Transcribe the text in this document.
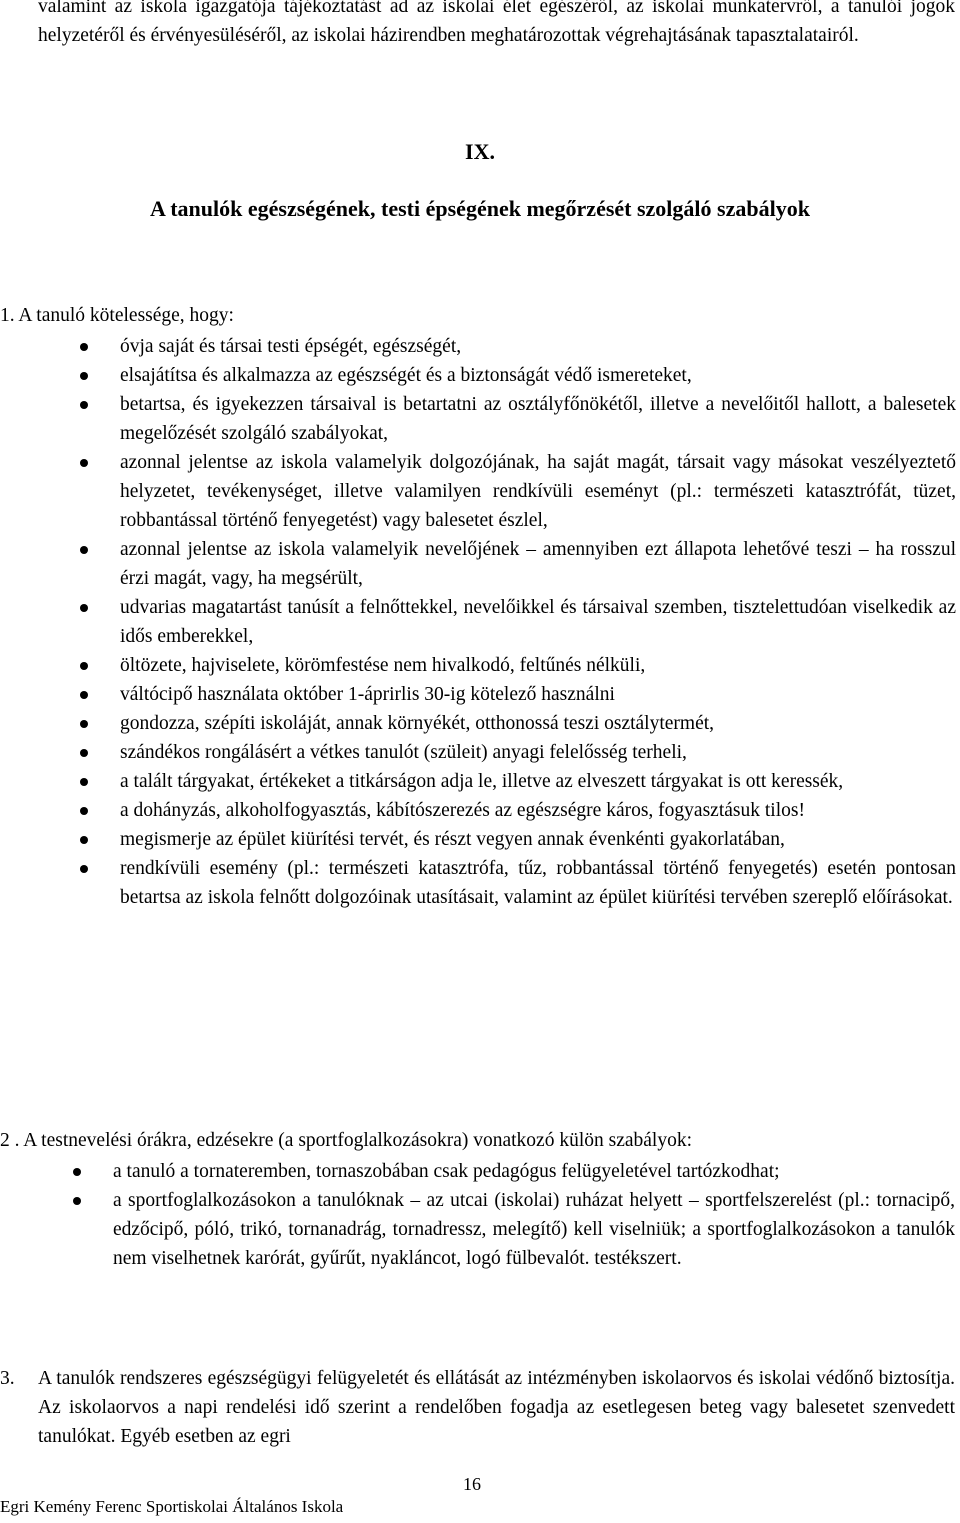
valamint az iskola igazgatója tájékoztatást ad az iskolai élet egészéről, az iskolai munkatervről, a tanulói jogok helyzetéről és érvényesüléséről, az iskolai házirendben meghatározottak végrehajtásának tapasztalatairól.
IX.
A tanulók egészségének, testi épségének megőrzését szolgáló szabályok
1. A tanuló kötelessége, hogy:
óvja saját és társai testi épségét, egészségét,
elsajátítsa és alkalmazza az egészségét és a biztonságát védő ismereteket,
betartsa, és igyekezzen társaival is betartatni az osztályfőnökétől, illetve a nevelőitől hallott, a balesetek megelőzését szolgáló szabályokat,
azonnal jelentse az iskola valamelyik dolgozójának, ha saját magát, társait vagy másokat veszélyeztető helyzetet, tevékenységet, illetve valamilyen rendkívüli eseményt (pl.: természeti katasztrófát, tüzet, robbantással történő fenyegetést) vagy balesetet észlel,
azonnal jelentse az iskola valamelyik nevelőjének – amennyiben ezt állapota lehetővé teszi – ha rosszul érzi magát, vagy, ha megsérült,
udvarias magatartást tanúsít a felnőttekkel, nevelőikkel és társaival szemben, tisztelettudóan viselkedik az idős emberekkel,
öltözete, hajviselete, körömfestése nem hivalkodó, feltűnés nélküli,
váltócipő használata október 1-áprirlis 30-ig kötelező használni
gondozza, szépíti iskoláját, annak környékét, otthonossá teszi osztálytermét,
szándékos rongálásért a vétkes tanulót (szüleit) anyagi felelősség terheli,
a talált tárgyakat, értékeket a titkárságon adja le, illetve az elveszett tárgyakat is ott keressék,
a dohányzás, alkoholfogyasztás, kábítószerezés az egészségre káros, fogyasztásuk tilos!
megismerje az épület kiürítési tervét, és részt vegyen annak évenkénti gyakorlatában,
rendkívüli esemény (pl.: természeti katasztrófa, tűz, robbantással történő fenyegetés) esetén pontosan betartsa az iskola felnőtt dolgozóinak utasításait, valamint az épület kiürítési tervében szereplő előírásokat.
2 . A testnevelési órákra, edzésekre (a sportfoglalkozásokra) vonatkozó külön szabályok:
a tanuló a tornateremben, tornaszobában csak pedagógus felügyeletével tartózkodhat;
a sportfoglalkozásokon a tanulóknak – az utcai (iskolai) ruházat helyett – sportfelszerelést (pl.: tornacipő, edzőcipő, póló, trikó, tornanadrág, tornadressz, melegítő) kell viselniük; a sportfoglalkozásokon a tanulók nem viselhetnek karórát, gyűrűt, nyakláncot, logó fülbevalót. testékszert.
3. A tanulók rendszeres egészségügyi felügyeletét és ellátását az intézményben iskolaorvos és iskolai védőnő biztosítja. Az iskolaorvos a napi rendelési idő szerint a rendelőben fogadja az esetlegesen beteg vagy balesetet szenvedett tanulókat. Egyéb esetben az egri
16
Egri Kemény Ferenc Sportiskolai Általános Iskola
